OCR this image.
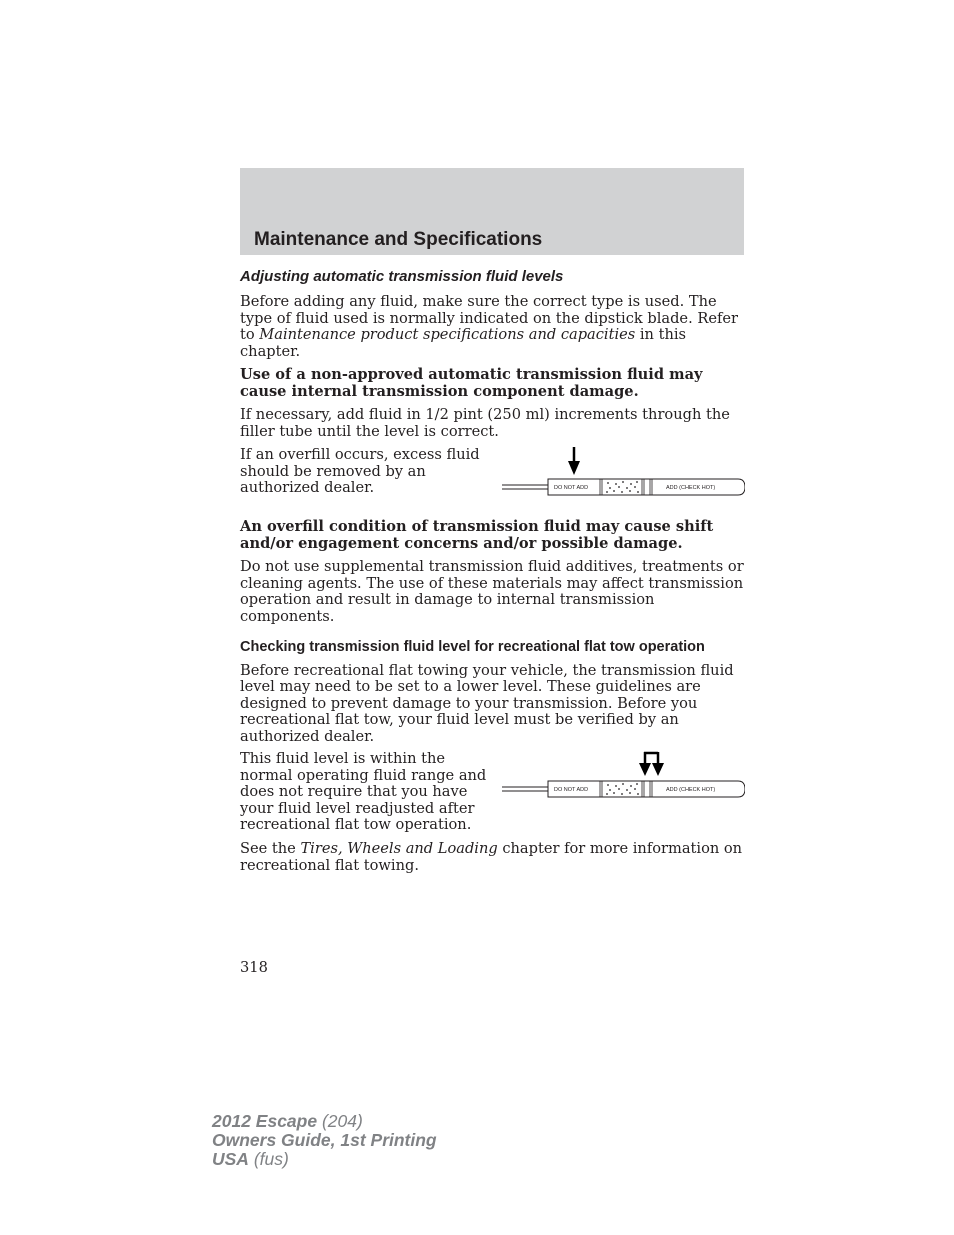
Maintenance and Specifications
Adjusting automatic transmission fluid levels

Before adding any fluid, make sure the correct type is used. The type of fluid used is normally indicated on the dipstick blade. Refer to Maintenance product specifications and capacities in this chapter.

Use of a non-approved automatic transmission fluid may cause internal transmission component damage.

If necessary, add fluid in 1/2 pint (250 ml) increments through the filler tube until the level is correct.

If an overfill occurs, excess fluid should be removed by an authorized dealer.	DO NOT ADD	ADD (CHECK HOT)

An overfill condition of transmission fluid may cause shift and/or engagement concerns and/or possible damage.

Do not use supplemental transmission fluid additives, treatments or cleaning agents. The use of these materials may affect transmission operation and result in damage to internal transmission components.

Checking transmission fluid level for recreational flat tow operation

Before recreational flat towing your vehicle, the transmission fluid level may need to be set to a lower level. These guidelines are designed to prevent damage to your transmission. Before you recreational flat tow, your fluid level must be verified by an authorized dealer.

This fluid level is within the normal operating fluid range and does not require that you have your fluid level readjusted after recreational flat tow operation.

DO NOT ADD	ADD (CHECK HOT)

See the Tires, Wheels and Loading chapter for more information on recreational flat towing.

318

2012 Escape (204)
Owners Guide, 1st Printing
USA (fus)
